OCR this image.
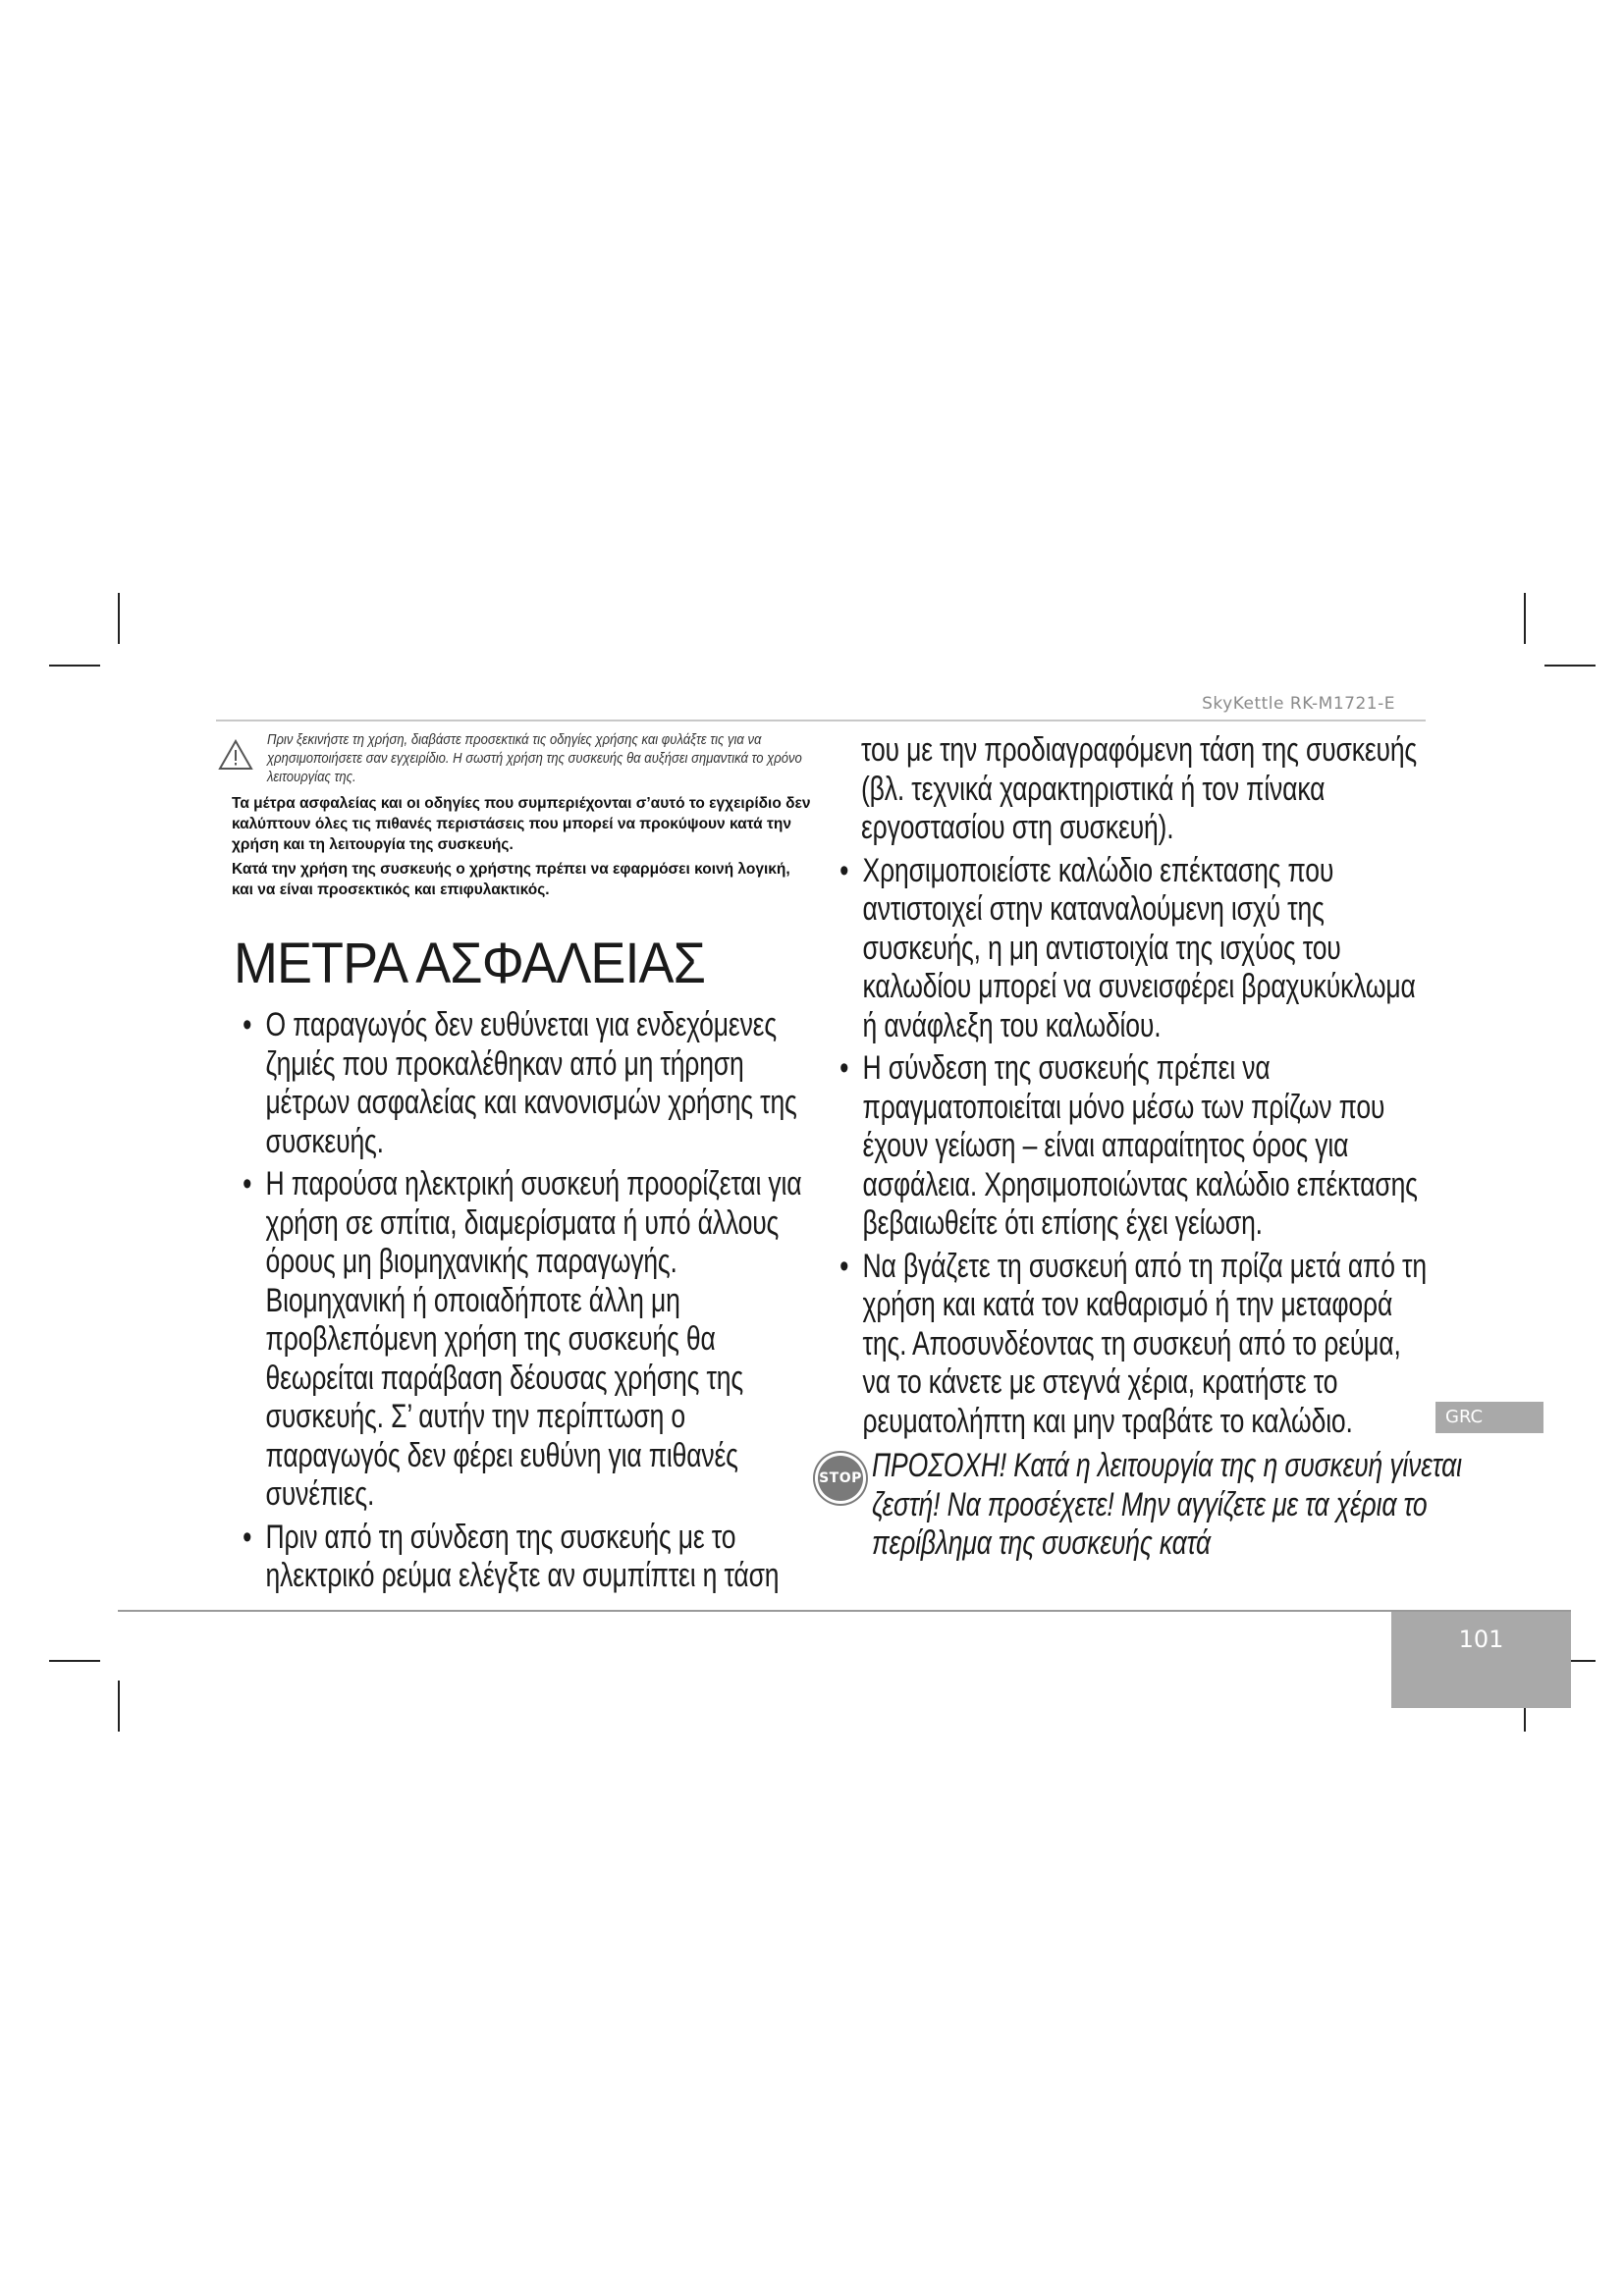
SkyKettle RK-M1721-E
Πριν ξεκινήστε τη χρήση, διαβάστε προσεκτικά τις οδηγίες χρήσης και φυλάξτε τις για να χρησιμοποιήσετε σαν εγχειρίδιο. Η σωστή χρήση της συσκευής θα αυξήσει σημαντικά το χρόνο λειτουργίας της.
Τα μέτρα ασφαλείας και οι οδηγίες που συμπεριέχονται σ’αυτό το εγχειρίδιο δεν καλύπτουν όλες τις πιθανές περιστάσεις που μπορεί να προκύψουν κατά την χρήση και τη λειτουργία της συσκευής.
Κατά την χρήση της συσκευής ο χρήστης πρέπει να εφαρμόσει κοινή λογική, και να είναι προσεκτικός και επιφυλακτικός.
ΜΕΤΡΑ ΑΣΦΑΛΕΙΑΣ
• Ο παραγωγός δεν ευθύνεται για ενδεχόμενες ζημιές που προκαλέθηκαν από μη τήρηση μέτρων ασφαλείας και κανονισμών χρήσης της συσκευής.
• Η παρούσα ηλεκτρική συσκευή προορίζεται για χρήση σε σπίτια, διαμερίσματα ή υπό άλλους όρους μη βιομηχανικής παραγωγής. Βιομηχανική ή οποιαδήποτε άλλη μη προβλεπόμενη χρήση της συσκευής θα θεωρείται παράβαση δέουσας χρήσης της συσκευής. Σ’ αυτήν την περίπτωση ο παραγωγός δεν φέρει ευθύνη για πιθανές συνέπιες.
• Πριν από τη σύνδεση της συσκευής με το ηλεκτρικό ρεύμα ελέγξτε αν συμπίπτει η τάση
του με την προδιαγραφόμενη τάση της συσκευής (βλ. τεχνικά χαρακτηριστικά ή τον πίνακα εργοστασίου στη συσκευή).
• Χρησιμοποιείστε καλώδιο επέκτασης που αντιστοιχεί στην καταναλούμενη ισχύ της συσκευής, η μη αντιστοιχία της ισχύος του καλωδίου μπορεί να συνεισφέρει βραχυκύκλωμα ή ανάφλεξη του καλωδίου.
• Η σύνδεση της συσκευής πρέπει να πραγματοποιείται μόνο μέσω των πρίζων που έχουν γείωση – είναι απαραίτητος όρος για ασφάλεια. Χρησιμοποιώντας καλώδιο επέκτασης βεβαιωθείτε ότι επίσης έχει γείωση.
• Να βγάζετε τη συσκευή από τη πρίζα μετά από τη χρήση και κατά τον καθαρισμό ή την μεταφορά της. Αποσυνδέοντας τη συσκευή από το ρεύμα, να το κάνετε με στεγνά χέρια, κρατήστε το ρευματολήπτη και μην τραβάτε το καλώδιο.
STOP ΠΡΟΣΟΧΗ! Κατά η λειτουργία της η συσκευή γίνεται ζεστή! Να προσέχετε! Μην αγγίζετε με τα χέρια το περίβλημα της συσκευής κατά
GRC
101
